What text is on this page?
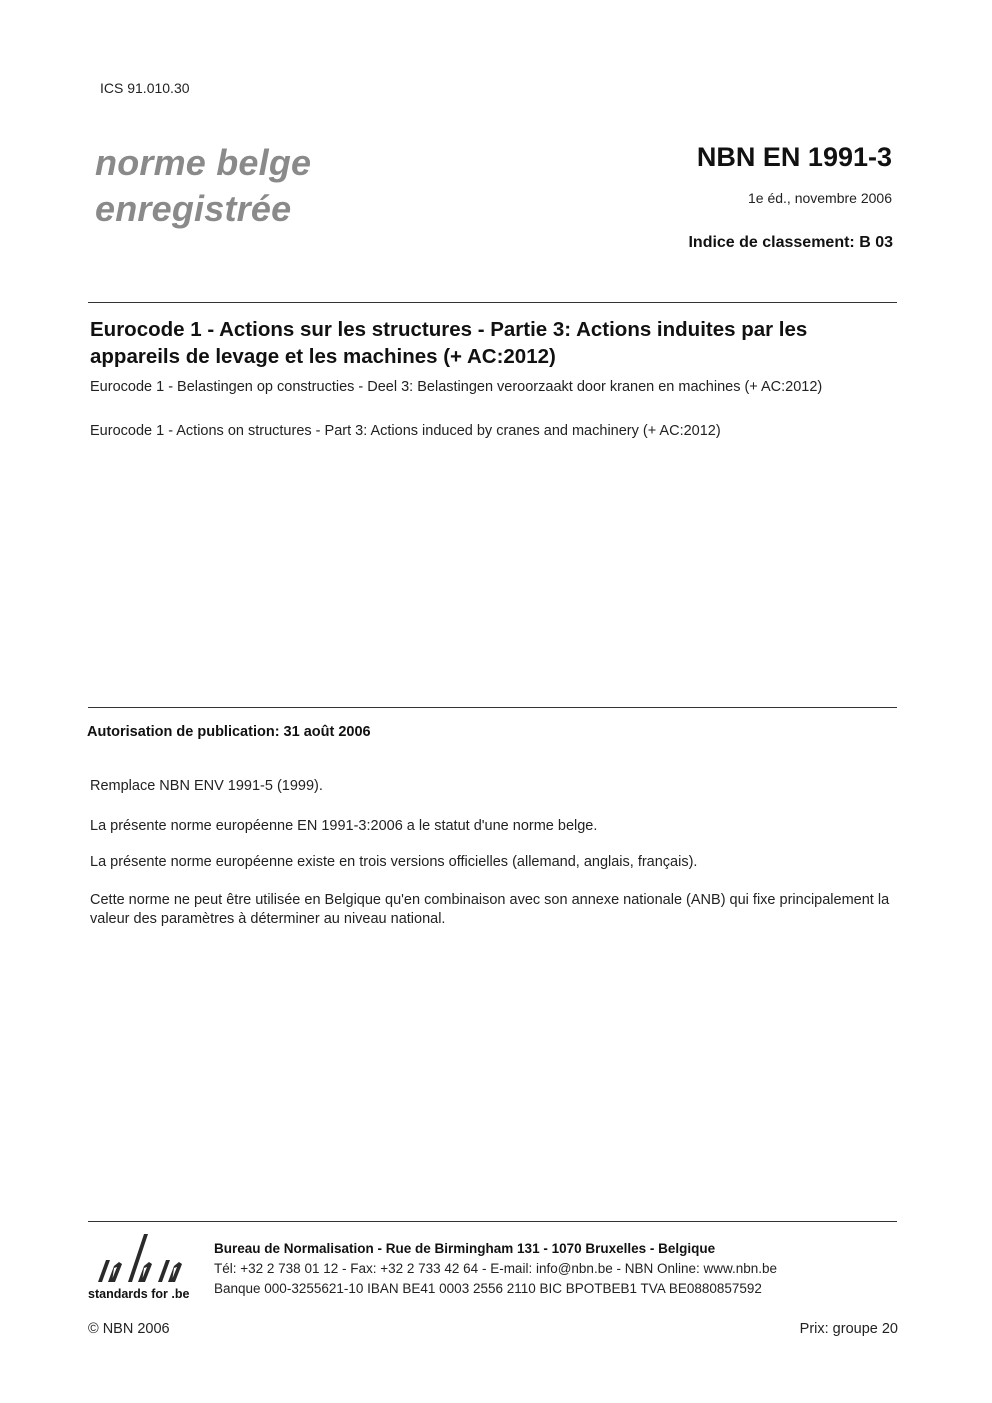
ICS 91.010.30
norme belge
enregistrée
NBN EN 1991-3
1e éd., novembre 2006
Indice de classement: B 03
Eurocode 1 - Actions sur les structures - Partie 3: Actions induites par les appareils de levage et les machines (+ AC:2012)
Eurocode 1 - Belastingen op constructies - Deel 3: Belastingen veroorzaakt door kranen en machines (+ AC:2012)
Eurocode 1 - Actions on structures - Part 3: Actions induced by cranes and machinery (+ AC:2012)
Autorisation de publication: 31 août 2006
Remplace NBN ENV 1991-5 (1999).
La présente norme européenne EN 1991-3:2006 a le statut d'une norme belge.
La présente norme européenne existe en trois versions officielles (allemand, anglais, français).
Cette norme ne peut être utilisée en Belgique qu'en combinaison avec son annexe nationale (ANB) qui fixe principalement la valeur des paramètres à déterminer au niveau national.
standards for .be
Bureau de Normalisation - Rue de Birmingham 131 - 1070 Bruxelles - Belgique
Tél: +32 2 738 01 12 - Fax: +32 2 733 42 64 - E-mail: info@nbn.be - NBN Online: www.nbn.be
Banque 000-3255621-10 IBAN BE41 0003 2556 2110 BIC BPOTBEB1 TVA BE0880857592
© NBN 2006	Prix: groupe 20
